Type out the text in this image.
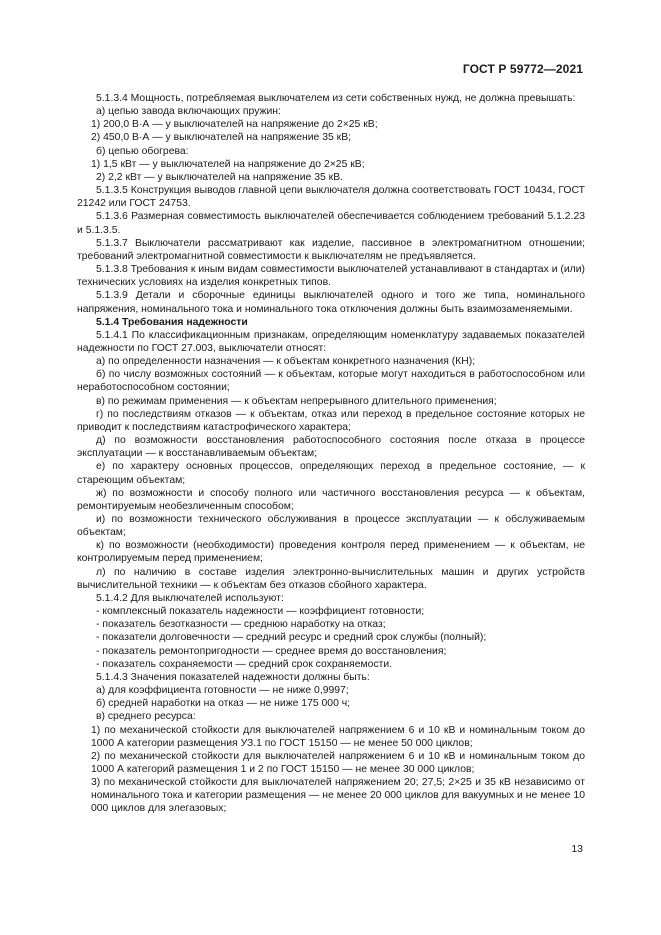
ГОСТ Р 59772—2021

5.1.3.4 Мощность, потребляемая выключателем из сети собственных нужд, не должна превышать:

а) цепью завода включающих пружин:

1) 200,0 В·А — у выключателей на напряжение до 2×25 кВ;

2) 450,0 В·А — у выключателей на напряжение 35 кВ;

б) цепью обогрева:

1) 1,5 кВт — у выключателей на напряжение до 2×25 кВ;

2) 2,2 кВт — у выключателей на напряжение 35 кВ.

5.1.3.5 Конструкция выводов главной цепи выключателя должна соответствовать ГОСТ 10434, ГОСТ 21242 или ГОСТ 24753.

5.1.3.6 Размерная совместимость выключателей обеспечивается соблюдением требований 5.1.2.23 и 5.1.3.5.

5.1.3.7 Выключатели рассматривают как изделие, пассивное в электромагнитном отношении; требований электромагнитной совместимости к выключателям не предъявляется.

5.1.3.8 Требования к иным видам совместимости выключателей устанавливают в стандартах и (или) технических условиях на изделия конкретных типов.

5.1.3.9 Детали и сборочные единицы выключателей одного и того же типа, номинального напряжения, номинального тока и номинального тока отключения должны быть взаимозаменяемыми.

5.1.4 Требования надежности

5.1.4.1 По классификационным признакам, определяющим номенклатуру задаваемых показателей надежности по ГОСТ 27.003, выключатели относят:

а) по определенности назначения — к объектам конкретного назначения (КН);

б) по числу возможных состояний — к объектам, которые могут находиться в работоспособном или неработоспособном состоянии;

в) по режимам применения — к объектам непрерывного длительного применения;

г) по последствиям отказов — к объектам, отказ или переход в предельное состояние которых не приводит к последствиям катастрофического характера;

д) по возможности восстановления работоспособного состояния после отказа в процессе эксплуатации — к восстанавливаемым объектам;

е) по характеру основных процессов, определяющих переход в предельное состояние, — к стареющим объектам;

ж) по возможности и способу полного или частичного восстановления ресурса — к объектам, ремонтируемым необезличенным способом;

и) по возможности технического обслуживания в процессе эксплуатации — к обслуживаемым объектам;

к) по возможности (необходимости) проведения контроля перед применением — к объектам, не контролируемым перед применением;

л) по наличию в составе изделия электронно-вычислительных машин и других устройств вычислительной техники — к объектам без отказов сбойного характера.

5.1.4.2 Для выключателей используют:

- комплексный показатель надежности — коэффициент готовности;

- показатель безотказности — среднюю наработку на отказ;

- показатели долговечности — средний ресурс и средний срок службы (полный);

- показатель ремонтопригодности — среднее время до восстановления;

- показатель сохраняемости — средний срок сохраняемости.

5.1.4.3 Значения показателей надежности должны быть:

а) для коэффициента готовности — не ниже 0,9997;

б) средней наработки на отказ — не ниже 175 000 ч;

в) среднего ресурса:

1) по механической стойкости для выключателей напряжением 6 и 10 кВ и номинальным током до 1000 А категории размещения УЗ.1 по ГОСТ 15150 — не менее 50 000 циклов;

2) по механической стойкости для выключателей напряжением 6 и 10 кВ и номинальным током до 1000 А категорий размещения 1 и 2 по ГОСТ 15150 — не менее 30 000 циклов;

3) по механической стойкости для выключателей напряжением 20; 27,5; 2×25 и 35 кВ независимо от номинального тока и категории размещения — не менее 20 000 циклов для вакуумных и не менее 10 000 циклов для элегазовых;

13
